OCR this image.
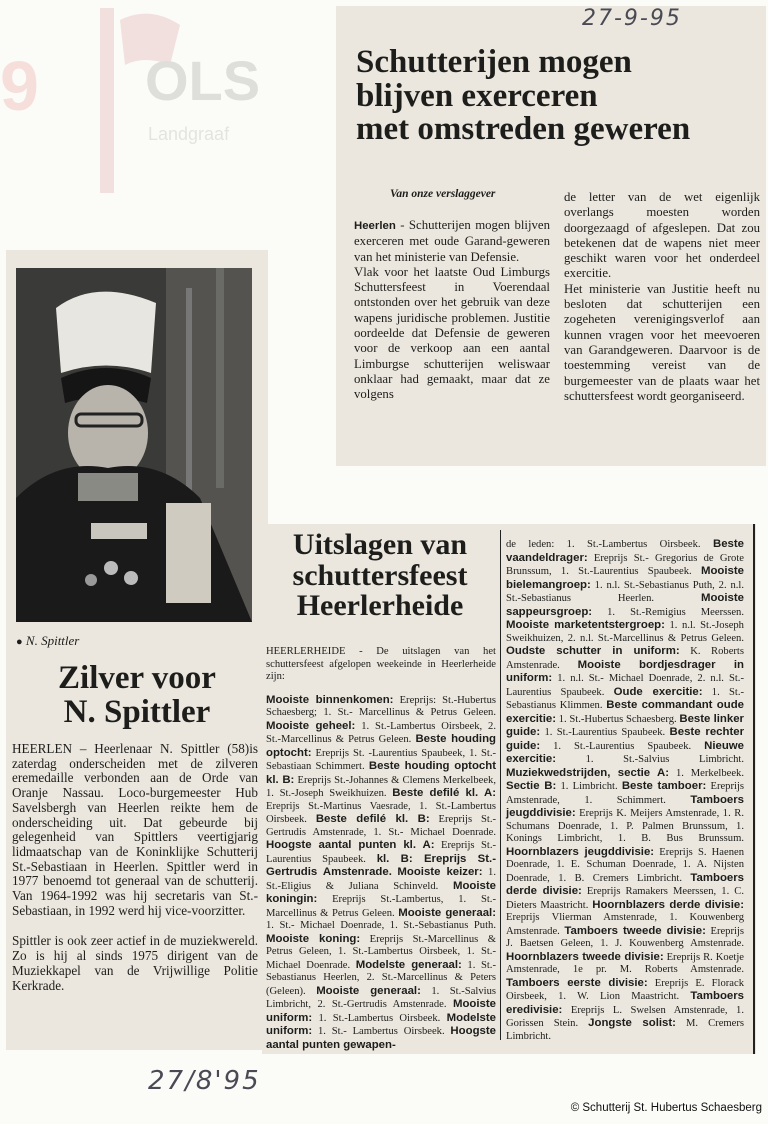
9 OLS
Landgraaf
27-9-95
Schutterijen mogen
blijven exerceren
met omstreden geweren
Van onze verslaggever

Heerlen - Schutterijen mogen blijven exerceren met oude Garand-geweren van het ministerie van Defensie.

Vlak voor het laatste Oud Limburgs Schuttersfeest in Voerendaal ontstonden over het gebruik van deze wapens juridische problemen. Justitie oordeelde dat Defensie de geweren voor de verkoop aan een aantal Limburgse schutterijen weliswaar onklaar had gemaakt, maar dat ze volgens

de letter van de wet eigenlijk overlangs moesten worden doorgezaagd of afgeslepen. Dat zou betekenen dat de wapens niet meer geschikt waren voor het onderdeel exercitie.

Het ministerie van Justitie heeft nu besloten dat schutterijen een zogeheten verenigingsverlof aan kunnen vragen voor het meevoeren van Garandgeweren. Daarvoor is de toestemming vereist van de burgemeester van de plaats waar het schuttersfeest wordt georganiseerd.

● N. Spittler
Zilver voor
N. Spittler

HEERLEN – Heerlenaar N. Spittler (58)is zaterdag onderscheiden met de zilveren eremedaille verbonden aan de Orde van Oranje Nassau. Loco-burgemeester Hub Savelsbergh van Heerlen reikte hem de onderscheiding uit. Dat gebeurde bij gelegenheid van Spittlers veertigjarig lidmaatschap van de Koninklijke Schutterij St.-Sebastiaan in Heerlen. Spittler werd in 1977 benoemd tot generaal van de schutterij. Van 1964-1992 was hij secretaris van St.-Sebastiaan, in 1992 werd hij vice-voorzitter.

Spittler is ook zeer actief in de muziekwereld. Zo is hij al sinds 1975 dirigent van de Muziekkapel van de Vrijwillige Politie Kerkrade.

Uitslagen van
schuttersfeest
Heerlerheide

HEERLERHEIDE - De uitslagen van het schuttersfeest afgelopen weekeinde in Heerlerheide zijn:

Mooiste binnenkomen: Ereprijs: St.-Hubertus Schaesberg; 1. St.- Marcellinus & Petrus Geleen. Mooiste geheel: 1. St.-Lambertus Oirsbeek, 2. St.-Marcellinus & Petrus Geleen. Beste houding optocht: Ereprijs St. -Laurentius Spaubeek, 1. St.-Sebastiaan Schimmert. Beste houding optocht kl. B: Ereprijs St.-Johannes & Clemens Merkelbeek, 1. St.-Joseph Sweikhuizen. Beste defilé kl. A: Ereprijs St.-Martinus Vaesrade, 1. St.-Lambertus Oirsbeek. Beste defilé kl. B: Ereprijs St.- Gertrudis Amstenrade, 1. St.- Michael Doenrade. Hoogste aantal punten kl. A: Ereprijs St.-Laurentius Spaubeek. kl. B: Ereprijs St.- Gertrudis Amstenrade. Mooiste keizer: 1. St.-Eligius & Juliana Schinveld. Mooiste koningin: Ereprijs St.-Lambertus, 1. St.-Marcellinus & Petrus Geleen. Mooiste generaal: 1. St.- Michael Doenrade, 1. St.-Sebastianus Puth. Mooiste koning: Ereprijs St.-Marcellinus & Petrus Geleen, 1. St.-Lambertus Oirsbeek, 1. St.-Michael Doenrade. Modelste generaal: 1. St.-Sebastianus Heerlen, 2. St.-Marcellinus & Peters (Geleen). Mooiste generaal: 1. St.-Salvius Limbricht, 2. St.-Gertrudis Amstenrade. Mooiste uniform: 1. St.-Lambertus Oirsbeek. Modelste uniform: 1. St.- Lambertus Oirsbeek. Hoogste aantal punten gewapen-

de leden: 1. St.-Lambertus Oirsbeek. Beste vaandeldrager: Ereprijs St.- Gregorius de Grote Brunssum, 1. St.-Laurentius Spaubeek. Mooiste bielemangroep: 1. n.l. St.-Sebastianus Puth, 2. n.l. St.-Sebastianus Heerlen. Mooiste sappeursgroep: 1. St.-Remigius Meerssen. Mooiste marketentstergroep: 1. n.l. St.-Joseph Sweikhuizen, 2. n.l. St.-Marcellinus & Petrus Geleen. Oudste schutter in uniform: K. Roberts Amstenrade. Mooiste bordjesdrager in uniform: 1. n.l. St.- Michael Doenrade, 2. n.l. St.- Laurentius Spaubeek. Oude exercitie: 1. St.-Sebastianus Klimmen. Beste commandant oude exercitie: 1. St.-Hubertus Schaesberg. Beste linker guide: 1. St.-Laurentius Spaubeek. Beste rechter guide: 1. St.-Laurentius Spaubeek. Nieuwe exercitie: 1. St.-Salvius Limbricht. Muziekwedstrijden, sectie A: 1. Merkelbeek. Sectie B: 1. Limbricht. Beste tamboer: Ereprijs Amstenrade, 1. Schimmert. Tamboers jeugddivisie: Ereprijs K. Meijers Amstenrade, 1. R. Schumans Doenrade, 1. P. Palmen Brunssum, 1. Konings Limbricht, 1. B. Bus Brunssum. Hoornblazers jeugddivisie: Ereprijs S. Haenen Doenrade, 1. E. Schuman Doenrade, 1. A. Nijsten Doenrade, 1. B. Cremers Limbricht. Tamboers derde divisie: Ereprijs Ramakers Meerssen, 1. C. Dieters Maastricht. Hoornblazers derde divisie: Ereprijs Vlierman Amstenrade, 1. Kouwenberg Amstenrade. Tamboers tweede divisie: Ereprijs J. Baetsen Geleen, 1. J. Kouwenberg Amstenrade. Hoornblazers tweede divisie: Ereprijs R. Koetje Amstenrade, 1e pr. M. Roberts Amstenrade. Tamboers eerste divisie: Ereprijs E. Florack Oirsbeek, 1. W. Lion Maastricht. Tamboers eredivisie: Ereprijs L. Swelsen Amstenrade, 1. Gorissen Stein. Jongste solist: M. Cremers Limbricht.

27/8'95
© Schutterij St. Hubertus Schaesberg
